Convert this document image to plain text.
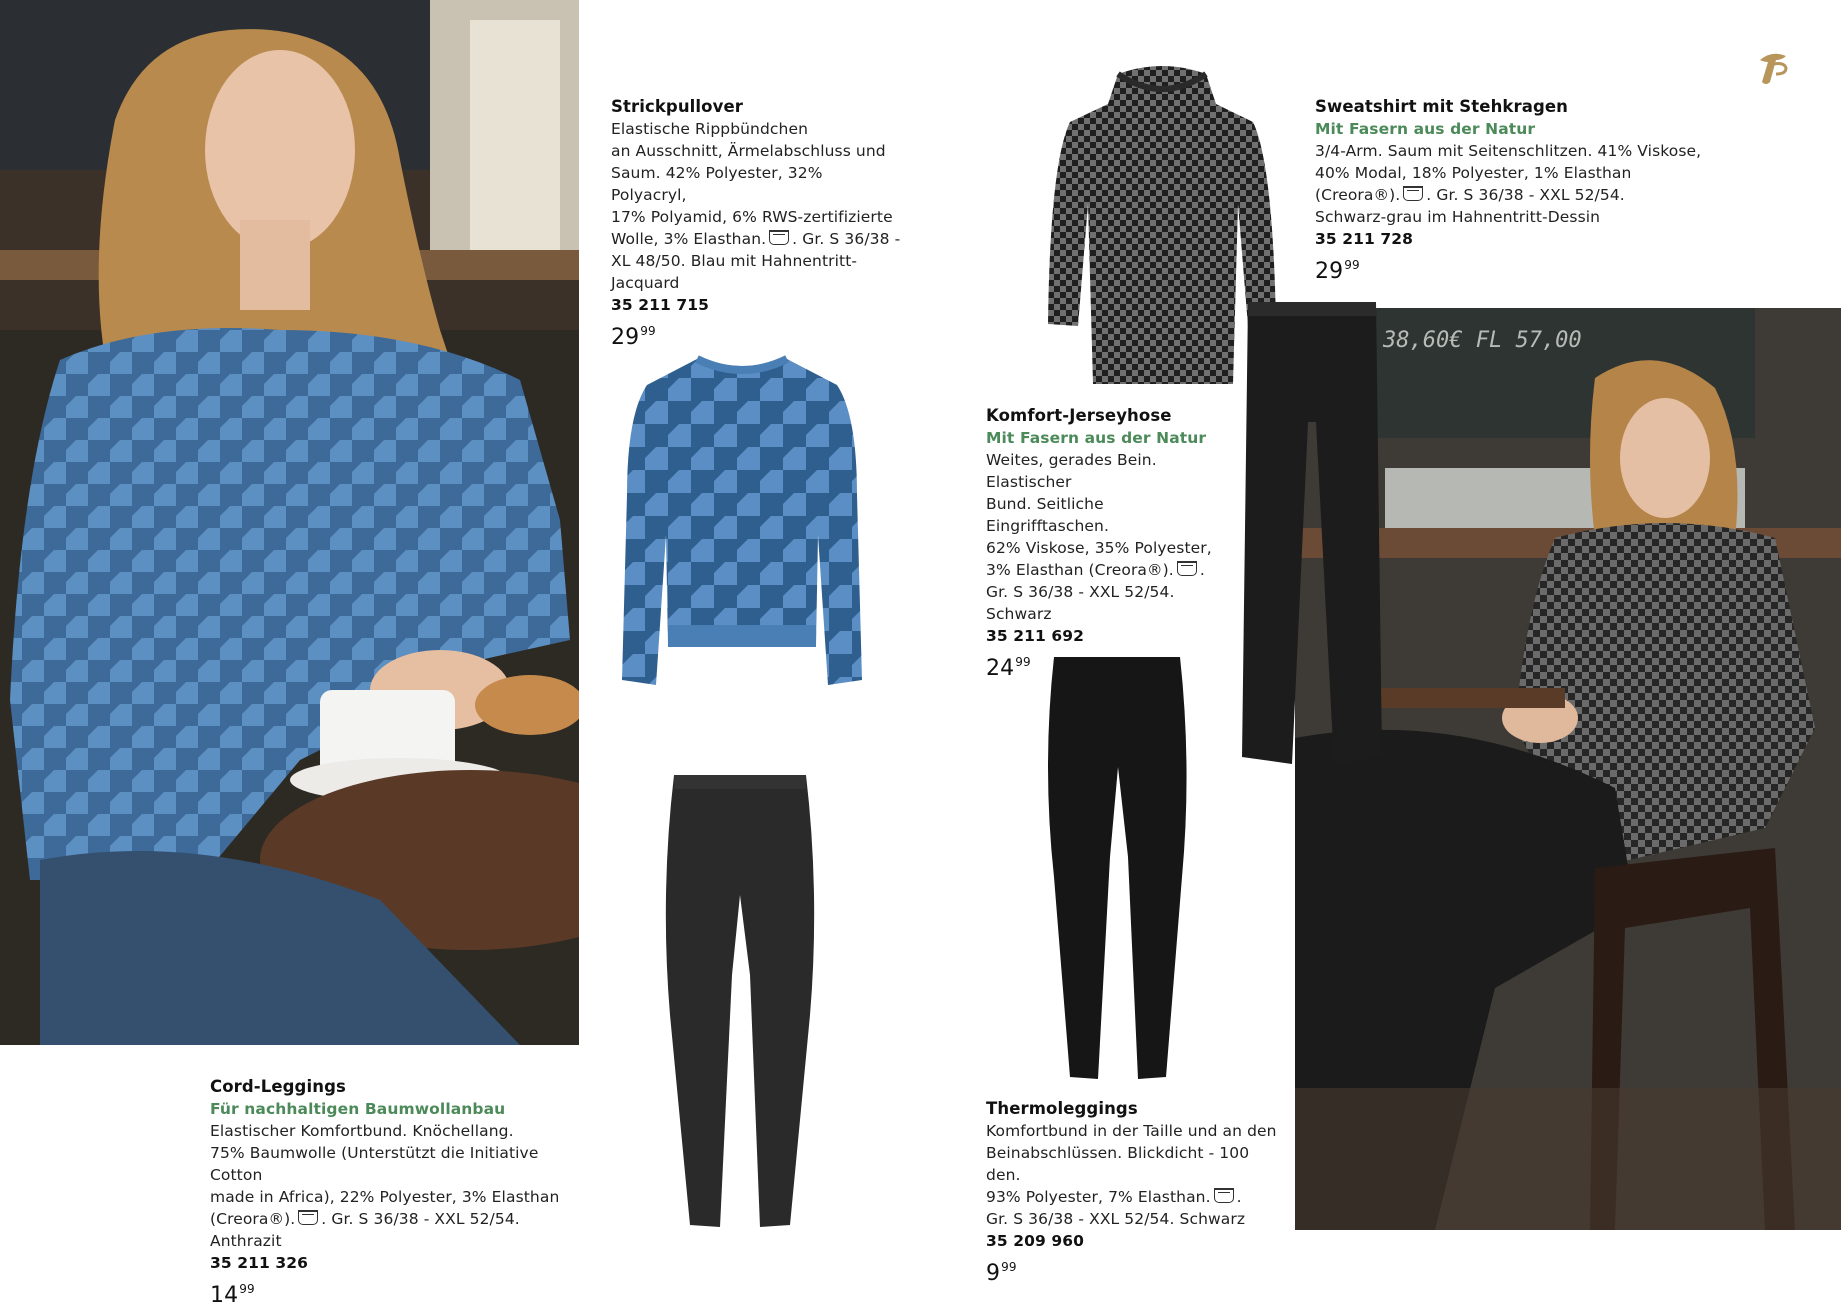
38,60€ FL 57,00
Strickpullover
Elastische Rippbündchen
an Ausschnitt, Ärmelabschluss und
Saum. 42% Polyester, 32% Polyacryl,
17% Polyamid, 6% RWS-zertifizierte
Wolle, 3% Elasthan. . Gr. S 36/38 -
XL 48/50. Blau mit Hahnentritt-
Jacquard
35 211 715
$29^{99}$
Sweatshirt mit Stehkragen
Mit Fasern aus der Natur
3/4-Arm. Saum mit Seitenschlitzen. 41% Viskose,
40% Modal, 18% Polyester, 1% Elasthan
(Creora®). . Gr. S 36/38 - XXL 52/54.
Schwarz-grau im Hahnentritt-Dessin
35 211 728
$29^{99}$
Komfort-Jerseyhose
Mit Fasern aus der Natur
Weites, gerades Bein. Elastischer
Bund. Seitliche Eingrifftaschen.
62% Viskose, 35% Polyester,
3% Elasthan (Creora®). .
Gr. S 36/38 - XXL 52/54.
Schwarz
35 211 692
$24^{99}$
Cord-Leggings
Für nachhaltigen Baumwollanbau
Elastischer Komfortbund. Knöchellang.
75% Baumwolle (Unterstützt die Initiative Cotton
made in Africa), 22% Polyester, 3% Elasthan
(Creora®). . Gr. S 36/38 - XXL 52/54. Anthrazit
35 211 326
$14^{99}$
Thermoleggings
Komfortbund in der Taille und an den
Beinabschlüssen. Blickdicht - 100 den.
93% Polyester, 7% Elasthan. .
Gr. S 36/38 - XXL 52/54. Schwarz
35 209 960
$9^{99}$
